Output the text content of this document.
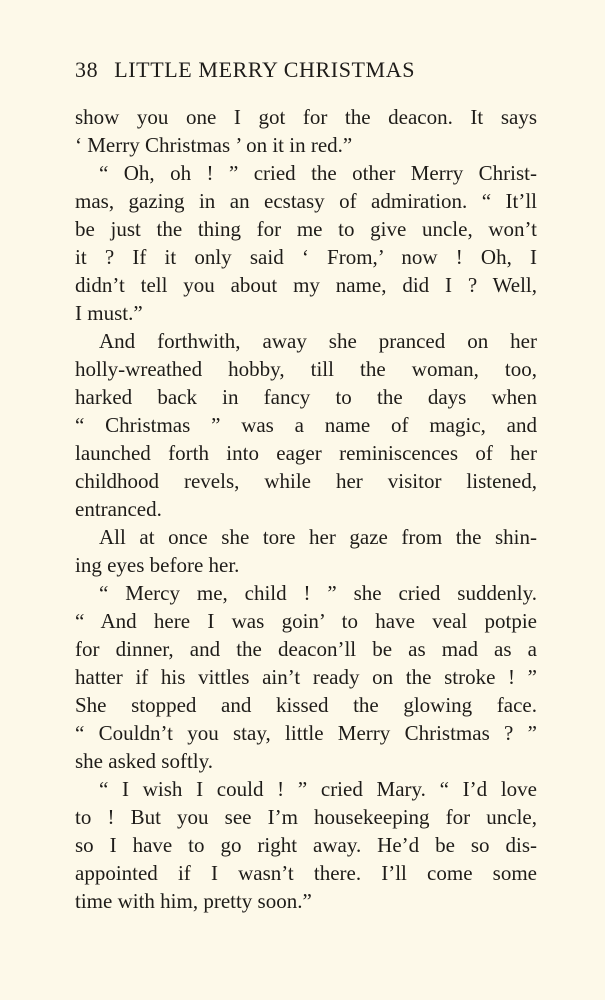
38 LITTLE MERRY CHRISTMAS
show you one I got for the deacon. It says
‘ Merry Christmas ’ on it in red.”
“ Oh, oh ! ” cried the other Merry Christ-
mas, gazing in an ecstasy of admiration. “ It’ll
be just the thing for me to give uncle, won’t
it ? If it only said ‘ From,’ now ! Oh, I
didn’t tell you about my name, did I ? Well,
I must.”
And forthwith, away she pranced on her
holly-wreathed hobby, till the woman, too,
harked back in fancy to the days when
“ Christmas ” was a name of magic, and
launched forth into eager reminiscences of her
childhood revels, while her visitor listened,
entranced.
All at once she tore her gaze from the shin-
ing eyes before her.
“ Mercy me, child ! ” she cried suddenly.
“ And here I was goin’ to have veal potpie
for dinner, and the deacon’ll be as mad as a
hatter if his vittles ain’t ready on the stroke ! ”
She stopped and kissed the glowing face.
“ Couldn’t you stay, little Merry Christmas ? ”
she asked softly.
“ I wish I could ! ” cried Mary. “ I’d love
to ! But you see I’m housekeeping for uncle,
so I have to go right away. He’d be so dis-
appointed if I wasn’t there. I’ll come some
time with him, pretty soon.”
